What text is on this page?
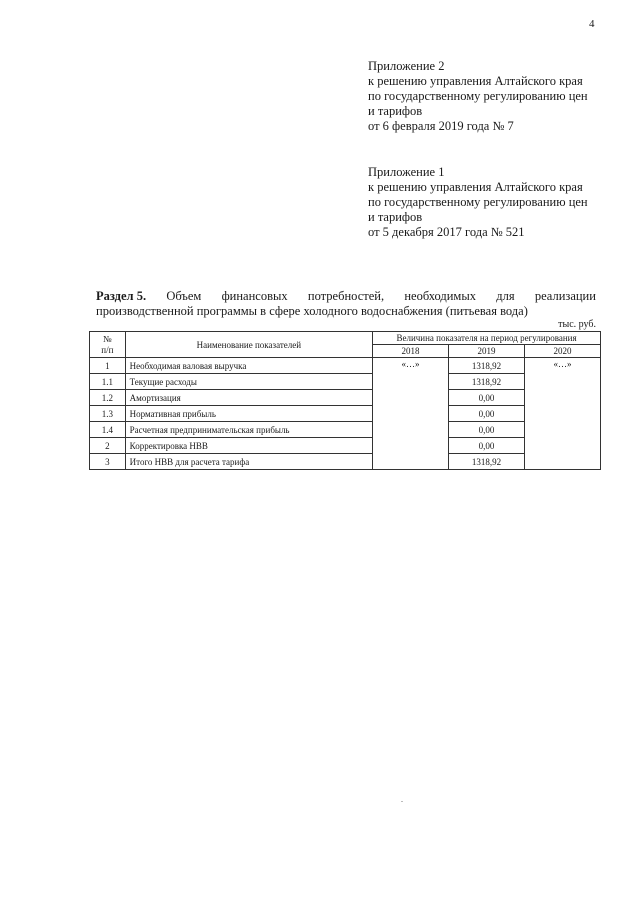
4
Приложение 2
к решению управления Алтайского края
по государственному регулированию цен
и тарифов
от 6 февраля 2019 года № 7
Приложение 1
к решению управления Алтайского края
по государственному регулированию цен
и тарифов
от 5 декабря 2017 года № 521
Раздел 5. Объем финансовых потребностей, необходимых для реализации
производственной программы в сфере холодного водоснабжения (питьевая вода)
тыс. руб.
№
п/п	Наименование показателей	Величина показателя на период регулирования		
		2018	2019	2020
1	Необходимая валовая выручка	«…»	1318,92	«…»
1.1	Текущие расходы		1318,92	
1.2	Амортизация		0,00	
1.3	Нормативная прибыль		0,00	
1.4	Расчетная предпринимательская прибыль		0,00	
2	Корректировка НВВ		0,00	
3	Итого НВВ для расчета тарифа		1318,92	
